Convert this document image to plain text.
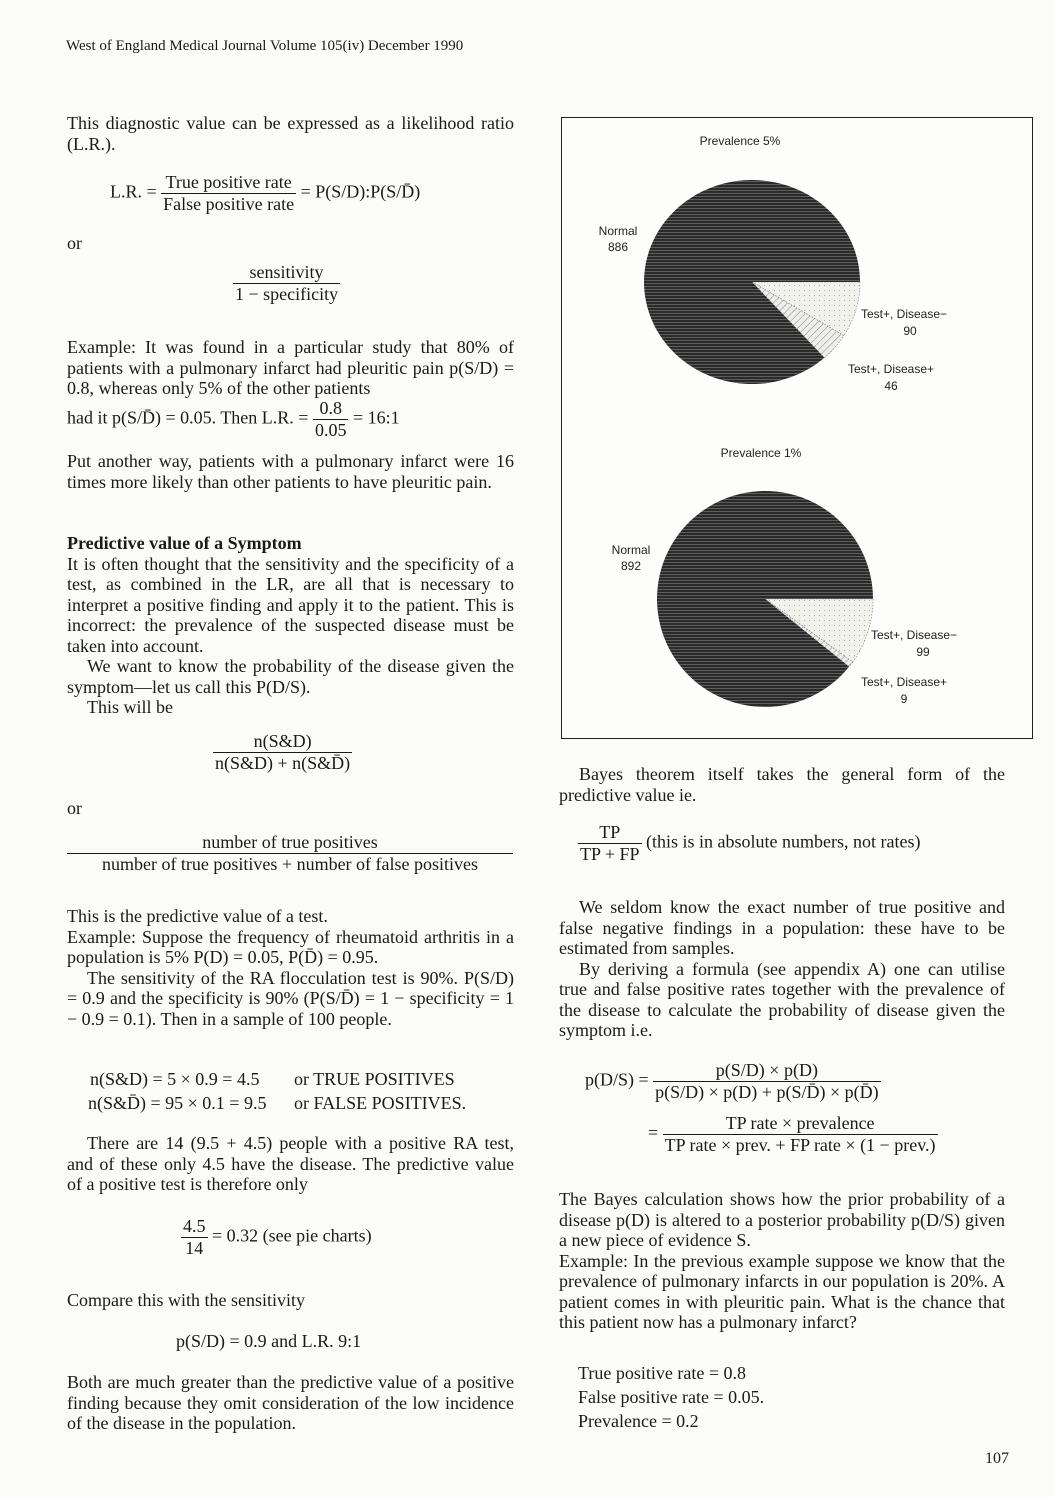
West of England Medical Journal Volume 105(iv) December 1990

This diagnostic value can be expressed as a likelihood ratio (L.R.).

L.R. = $\frac{\text{True positive rate}}{\text{False positive rate}}$ = P(S/D):P(S/D̄)
or
$\frac{\text{sensitivity}}{\text{1 − specificity}}$

Example: It was found in a particular study that 80% of patients with a pulmonary infarct had pleuritic pain p(S/D) = 0.8, whereas only 5% of the other patients

had it p(S/D̄) = 0.05. Then L.R. = $\frac{0.8}{0.05}$ = 16:1

Put another way, patients with a pulmonary infarct were 16 times more likely than other patients to have pleuritic pain.

Predictive value of a Symptom

It is often thought that the sensitivity and the specificity of a test, as combined in the LR, are all that is necessary to interpret a positive finding and apply it to the patient. This is incorrect: the prevalence of the suspected disease must be taken into account.

We want to know the probability of the disease given the symptom—let us call this P(D/S).

This will be

$\frac{n(S\&D)}{n(S\&D) + n(S\&D̄)}$
or
$\frac{\text{number of true positives}}{\text{number of true positives + number of false positives}}$

This is the predictive value of a test.

Example: Suppose the frequency of rheumatoid arthritis in a population is 5% P(D) = 0.05, P(D̄) = 0.95.

The sensitivity of the RA flocculation test is 90%. P(S/D) = 0.9 and the specificity is 90% (P(S/D̄) = 1 − specificity = 1 − 0.9 = 0.1). Then in a sample of 100 people.

n(S&D) = 5 × 0.9 = 4.5 or TRUE POSITIVES
n(S&D̄) = 95 × 0.1 = 9.5 or FALSE POSITIVES.

There are 14 (9.5 + 4.5) people with a positive RA test, and of these only 4.5 have the disease. The predictive value of a positive test is therefore only

$\frac{4.5}{14} = 0.32$ (see pie charts)
Compare this with the sensitivity
p(S/D) = 0.9 and L.R. 9:1

Both are much greater than the predictive value of a positive finding because they omit consideration of the low incidence of the disease in the population.

Prevalence 5%
Normal
886
Test+, Disease−
90
Test+, Disease+
46
Prevalence 1%
Normal
892
Test+, Disease−
99
Test+, Disease+
9

Bayes theorem itself takes the general form of the predictive value ie.

$\frac{TP}{TP + FP}$ (this is in absolute numbers, not rates)

We seldom know the exact number of true positive and false negative findings in a population: these have to be estimated from samples.

By deriving a formula (see appendix A) one can utilise true and false positive rates together with the prevalence of the disease to calculate the probability of disease given the symptom i.e.

$p(D/S) = \frac{p(S/D) \times p(D)}{p(S/D) \times p(D) + p(S/D̄) \times p(D̄)}$
= $\frac{\text{TP rate × prevalence}}{\text{TP rate × prev. + FP rate × (1 − prev.)}}$

The Bayes calculation shows how the prior probability of a disease p(D) is altered to a posterior probability p(D/S) given a new piece of evidence S.

Example: In the previous example suppose we know that the prevalence of pulmonary infarcts in our population is 20%. A patient comes in with pleuritic pain. What is the chance that this patient now has a pulmonary infarct?

True positive rate = 0.8

False positive rate = 0.05.

Prevalence = 0.2

107
